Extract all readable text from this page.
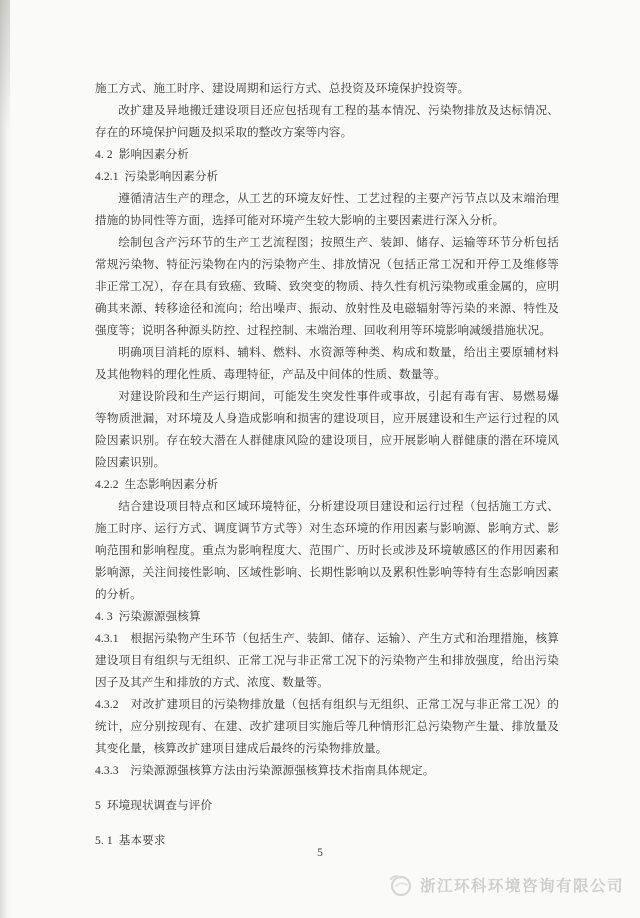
施工方式、施工时序、建设周期和运行方式、总投资及环境保护投资等。

改扩建及异地搬迁建设项目还应包括现有工程的基本情况、污染物排放及达标情况、存在的环境保护问题及拟采取的整改方案等内容。

4. 2  影响因素分析
4.2.1  污染影响因素分析

遵循清洁生产的理念，从工艺的环境友好性、工艺过程的主要产污节点以及末端治理措施的协同性等方面，选择可能对环境产生较大影响的主要因素进行深入分析。

绘制包含产污环节的生产工艺流程图；按照生产、装卸、储存、运输等环节分析包括常规污染物、特征污染物在内的污染物产生、排放情况（包括正常工况和开停工及维修等非正常工况），存在具有致癌、致畸、致突变的物质、持久性有机污染物或重金属的，应明确其来源、转移途径和流向；给出噪声、振动、放射性及电磁辐射等污染的来源、特性及强度等；说明各种源头防控、过程控制、末端治理、回收利用等环境影响减缓措施状况。

明确项目消耗的原料、辅料、燃料、水资源等种类、构成和数量，给出主要原辅材料及其他物料的理化性质、毒理特征，产品及中间体的性质、数量等。

对建设阶段和生产运行期间，可能发生突发性事件或事故，引起有毒有害、易燃易爆等物质泄漏，对环境及人身造成影响和损害的建设项目，应开展建设和生产运行过程的风险因素识别。存在较大潜在人群健康风险的建设项目，应开展影响人群健康的潜在环境风险因素识别。

4.2.2  生态影响因素分析

结合建设项目特点和区域环境特征，分析建设项目建设和运行过程（包括施工方式、施工时序、运行方式、调度调节方式等）对生态环境的作用因素与影响源、影响方式、影响范围和影响程度。重点为影响程度大、范围广、历时长或涉及环境敏感区的作用因素和影响源，关注间接性影响、区域性影响、长期性影响以及累积性影响等特有生态影响因素的分析。

4. 3  污染源源强核算

4.3.1　根据污染物产生环节（包括生产、装卸、储存、运输）、产生方式和治理措施，核算建设项目有组织与无组织、正常工况与非正常工况下的污染物产生和排放强度，给出污染因子及其产生和排放的方式、浓度、数量等。

4.3.2　对改扩建项目的污染物排放量（包括有组织与无组织、正常工况与非正常工况）的统计，应分别按现有、在建、改扩建项目实施后等几种情形汇总污染物产生量、排放量及其变化量，核算改扩建项目建成后最终的污染物排放量。

4.3.3　污染源源强核算方法由污染源源强核算技术指南具体规定。

5  环境现状调查与评价
5. 1  基本要求
5
浙江环科环境咨询有限公司
